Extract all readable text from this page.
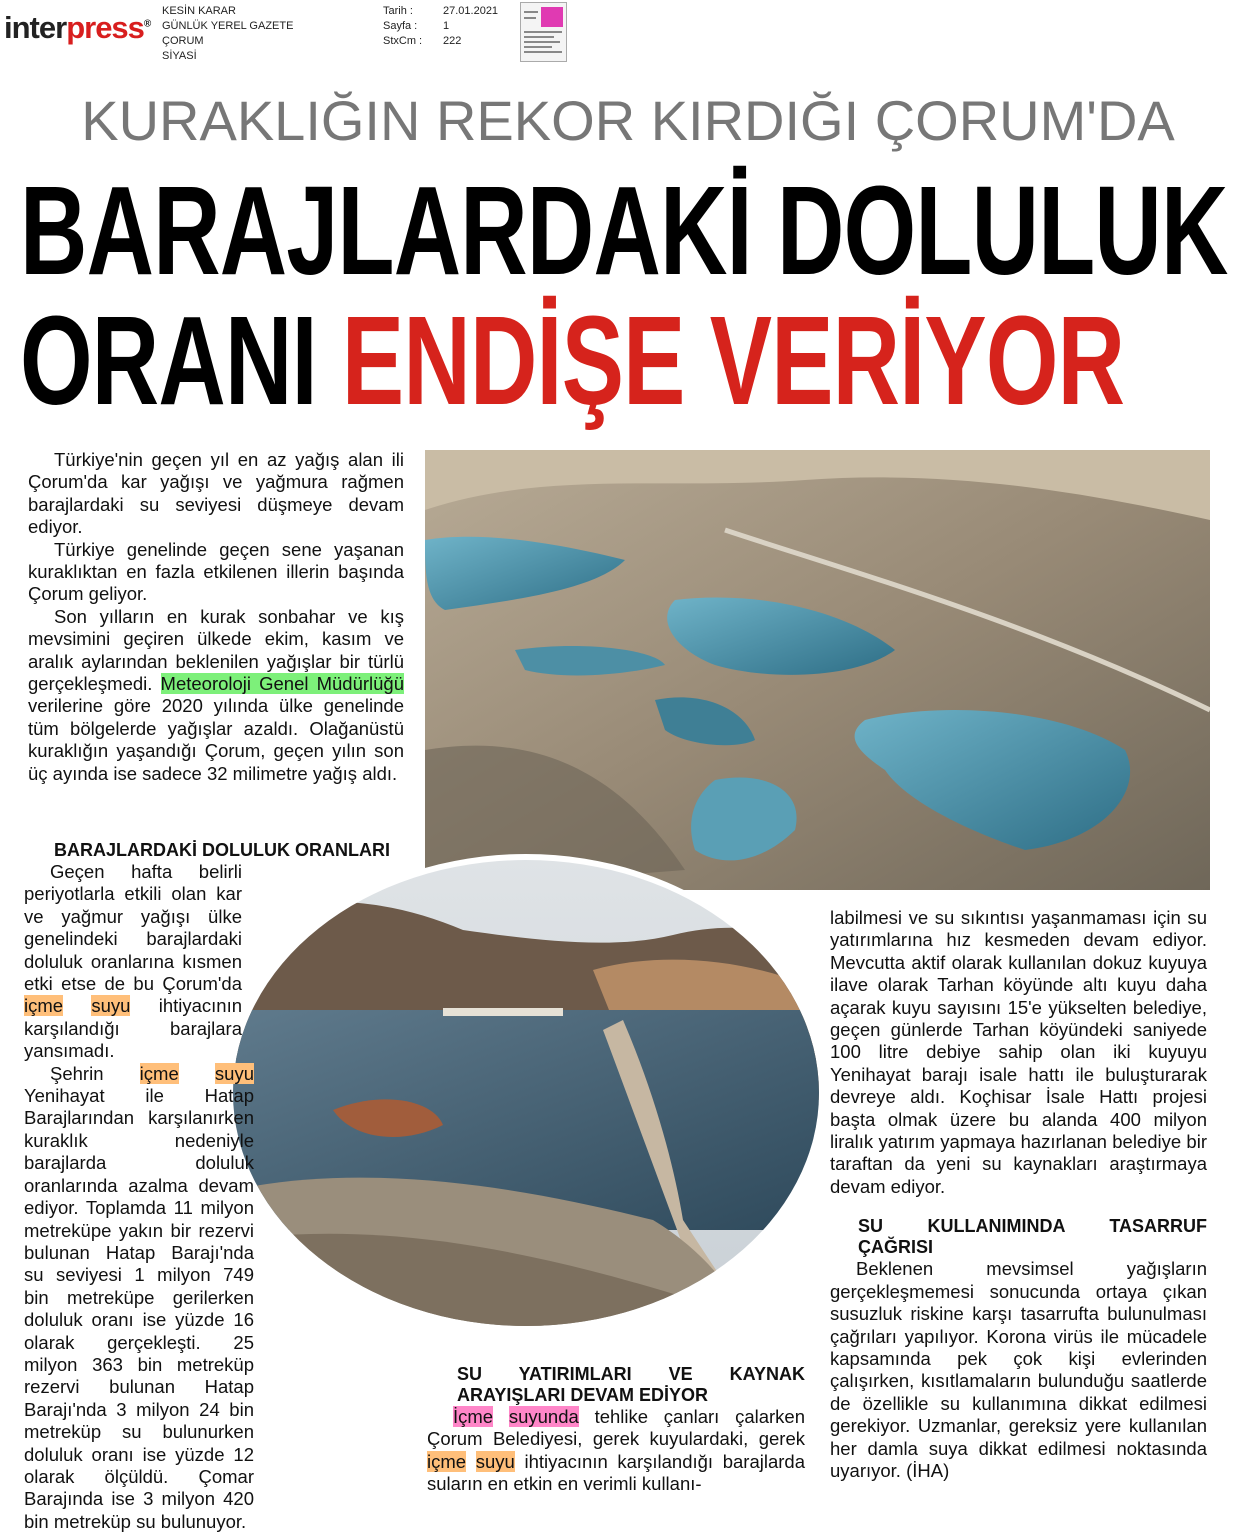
interpress®
KESİN KARAR
GÜNLÜK YEREL GAZETE
ÇORUM
SİYASİ
Tarih :	27.01.2021
Sayfa :	1
StxCm :	222
KURAKLIĞIN REKOR KIRDIĞI ÇORUM'DA
BARAJLARDAKİ DOLULUK
ORANI ENDİŞE VERİYOR

Türkiye'nin geçen yıl en az yağış alan ili Çorum'da kar yağışı ve yağmura rağmen barajlardaki su seviyesi düşmeye devam ediyor.

Türkiye genelinde geçen sene yaşanan kuraklıktan en fazla etkilenen illerin başında Çorum geliyor.

Son yılların en kurak sonbahar ve kış mevsimini geçiren ülkede ekim, kasım ve aralık aylarından beklenilen yağışlar bir türlü gerçekleşmedi. Meteoroloji Genel Müdürlüğü verilerine göre 2020 yılında ülke genelinde tüm bölgelerde yağışlar azaldı. Olağanüstü kuraklığın yaşandığı Çorum, geçen yılın son üç ayında ise sadece 32 milimetre yağış aldı.

BARAJLARDAKİ DOLULUK ORANLARI

Geçen hafta belirli periyotlarla etkili olan kar ve yağmur yağışı ülke genelindeki barajlardaki doluluk oranlarına kısmen etki etse de bu Çorum'da içme suyu ihtiyacının karşılandığı barajlara yansımadı.

Şehrin içme suyu Yenihayat ile Hatap Barajlarından karşılanırken kuraklık nedeniyle barajlarda doluluk oranlarında azalma devam ediyor. Toplamda 11 milyon metreküpe yakın bir rezervi bulunan Hatap Barajı'nda su seviyesi 1 milyon 749 bin metreküpe gerilerken doluluk oranı ise yüzde 16 olarak gerçekleşti. 25 milyon 363 bin metreküp rezervi bulunan Hatap Barajı'nda 3 milyon 24 bin metreküp su bulunurken doluluk oranı ise yüzde 12 olarak ölçüldü. Çomar Barajında ise 3 milyon 420 bin metreküp su bulunuyor.

SU YATIRIMLARI VE KAYNAK ARAYIŞLARI DEVAM EDİYOR

İçme suyunda tehlike çanları çalarken Çorum Belediyesi, gerek kuyulardaki, gerek içme suyu ihtiyacının karşılandığı barajlarda suların en etkin en verimli kullanı-

labilmesi ve su sıkıntısı yaşanmaması için su yatırımlarına hız kesmeden devam ediyor. Mevcutta aktif olarak kullanılan dokuz kuyuya ilave olarak Tarhan köyünde altı kuyu daha açarak kuyu sayısını 15'e yükselten belediye, geçen günlerde Tarhan köyündeki saniyede 100 litre debiye sahip olan iki kuyuyu Yenihayat barajı isale hattı ile buluşturarak devreye aldı. Koçhisar İsale Hattı projesi başta olmak üzere bu alanda 400 milyon liralık yatırım yapmaya hazırlanan belediye bir taraftan da yeni su kaynakları araştırmaya devam ediyor.

SU KULLANIMINDA TASARRUF ÇAĞRISI

Beklenen mevsimsel yağışların gerçekleşmemesi sonucunda ortaya çıkan susuzluk riskine karşı tasarrufta bulunulması çağrıları yapılıyor. Korona virüs ile mücadele kapsamında pek çok kişi evlerinden çalışırken, kısıtlamaların bulunduğu saatlerde de özellikle su kullanımına dikkat edilmesi gerekiyor. Uzmanlar, gereksiz yere kullanılan her damla suya dikkat edilmesi noktasında uyarıyor. (İHA)
